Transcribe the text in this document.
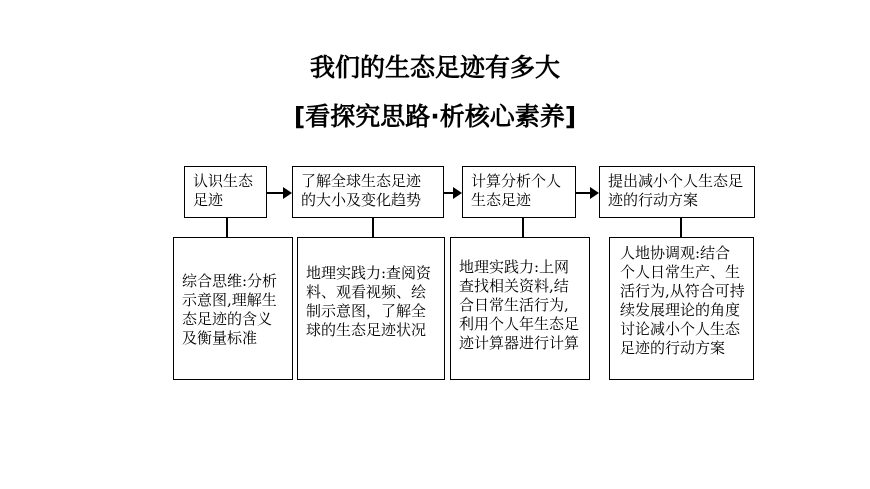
我们的生态足迹有多大
[看探究思路·析核心素养]
认识生态足迹
了解全球生态足迹的大小及变化趋势
计算分析个人生态足迹
提出减小个人生态足迹的行动方案
综合思维:分析示意图,理解生态足迹的含义及衡量标准
地理实践力:查阅资料、观看视频、绘制示意图，了解全球的生态足迹状况
地理实践力:上网查找相关资料,结合日常生活行为,利用个人年生态足迹计算器进行计算
人地协调观:结合个人日常生产、生活行为,从符合可持续发展理论的角度讨论减小个人生态足迹的行动方案
